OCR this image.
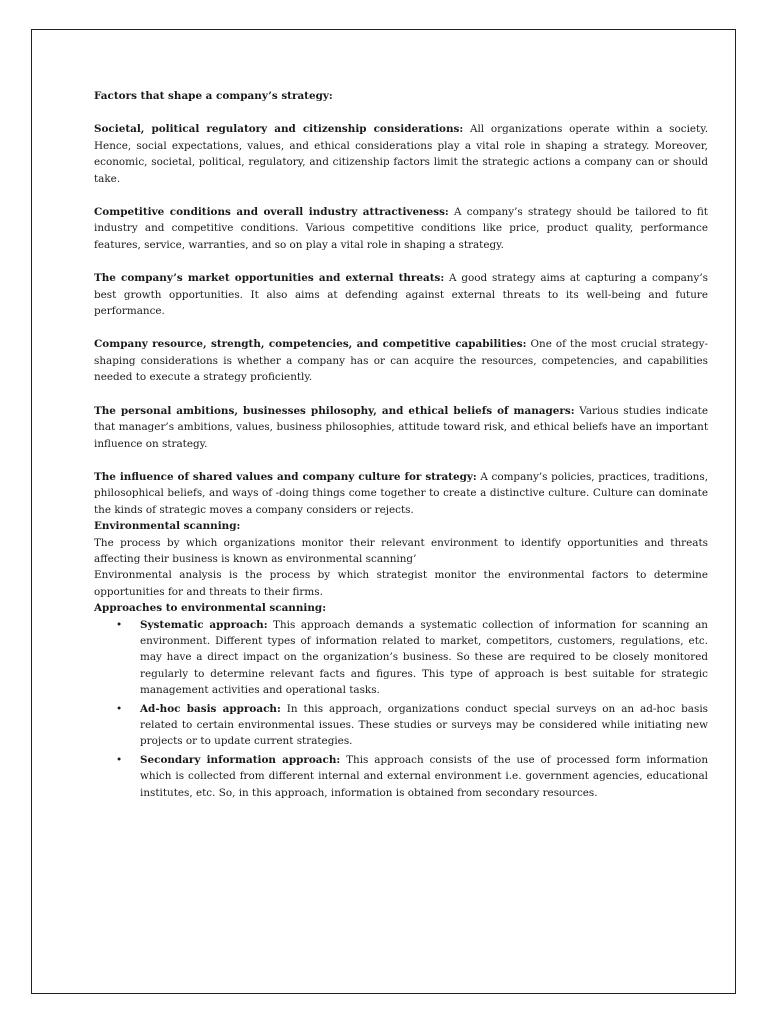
Factors that shape a company’s strategy:

Societal, political regulatory and citizenship considerations: All organizations operate within a society. Hence, social expectations, values, and ethical considerations play a vital role in shaping a strategy. Moreover, economic, societal, political, regulatory, and citizenship factors limit the strategic actions a company can or should take.

Competitive conditions and overall industry attractiveness: A company’s strategy should be tailored to fit industry and competitive conditions. Various competitive conditions like price, product quality, performance features, service, warranties, and so on play a vital role in shaping a strategy.

The company’s market opportunities and external threats: A good strategy aims at capturing a company’s best growth opportunities. It also aims at defending against external threats to its well-being and future performance.

Company resource, strength, competencies, and competitive capabilities: One of the most crucial strategy-shaping considerations is whether a company has or can acquire the resources, competencies, and capabilities needed to execute a strategy proficiently.

The personal ambitions, businesses philosophy, and ethical beliefs of managers: Various studies indicate that manager’s ambitions, values, business philosophies, attitude toward risk, and ethical beliefs have an important influence on strategy.

The influence of shared values and company culture for strategy: A company’s policies, practices, traditions, philosophical beliefs, and ways of -doing things come together to create a distinctive culture. Culture can dominate the kinds of strategic moves a company considers or rejects.

Environmental scanning:

The process by which organizations monitor their relevant environment to identify opportunities and threats affecting their business is known as environmental scanning’

Environmental analysis is the process by which strategist monitor the environmental factors to determine opportunities for and threats to their firms.

Approaches to environmental scanning:

• Systematic approach: This approach demands a systematic collection of information for scanning an environment. Different types of information related to market, competitors, customers, regulations, etc. may have a direct impact on the organization’s business. So these are required to be closely monitored regularly to determine relevant facts and figures. This type of approach is best suitable for strategic management activities and operational tasks.
• Ad-hoc basis approach: In this approach, organizations conduct special surveys on an ad-hoc basis related to certain environmental issues. These studies or surveys may be considered while initiating new projects or to update current strategies.
• Secondary information approach: This approach consists of the use of processed form information which is collected from different internal and external environment i.e. government agencies, educational institutes, etc. So, in this approach, information is obtained from secondary resources.
